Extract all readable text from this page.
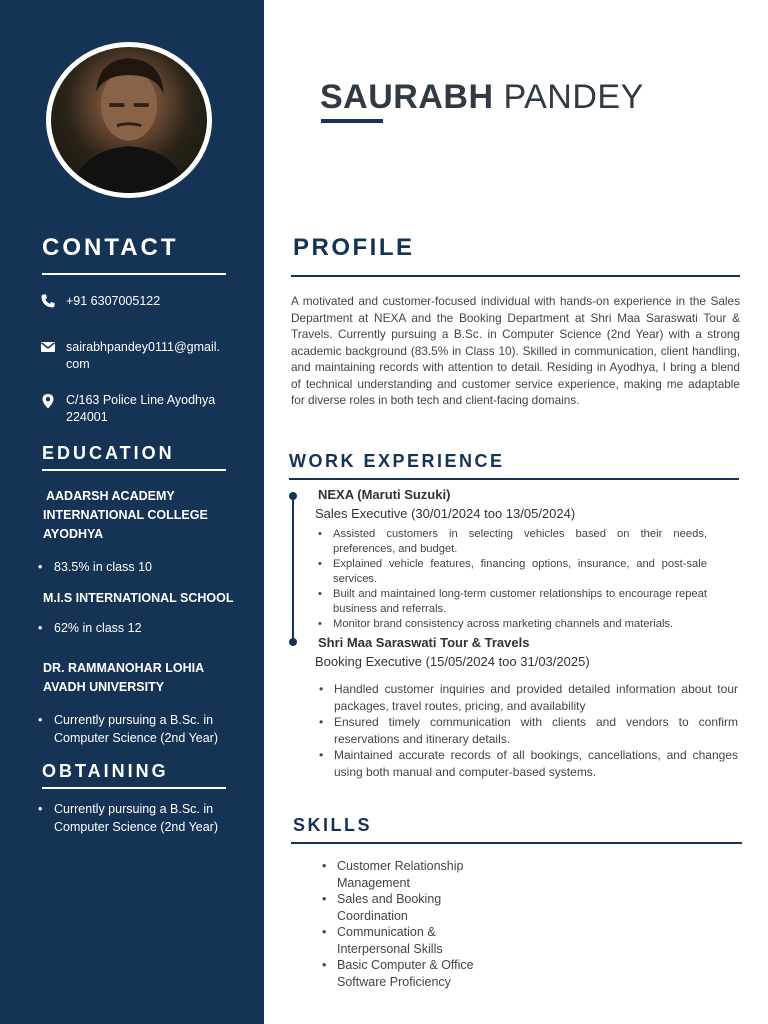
CONTACT
+91 6307005122
sairabhpandey0111@gmail.
com
C/163 Police Line Ayodhya
224001
EDUCATION
AADARSH ACADEMY
INTERNATIONAL COLLEGE
AYODHYA
• 83.5% in class 10
M.I.S INTERNATIONAL SCHOOL
• 62% in class 12
DR. RAMMANOHAR LOHIA
AVADH UNIVERSITY
• Currently pursuing a B.Sc. in Computer Science (2nd Year)
OBTAINING
• Currently pursuing a B.Sc. in Computer Science (2nd Year)
SAURABH PANDEY
PROFILE
A motivated and customer-focused individual with hands-on experience in the Sales Department at NEXA and the Booking Department at Shri Maa Saraswati Tour & Travels. Currently pursuing a B.Sc. in Computer Science (2nd Year) with a strong academic background (83.5% in Class 10). Skilled in communication, client handling, and maintaining records with attention to detail. Residing in Ayodhya, I bring a blend of technical understanding and customer service experience, making me adaptable for diverse roles in both tech and client-facing domains.
WORK EXPERIENCE
NEXA (Maruti Suzuki)
Sales Executive (30/01/2024 too 13/05/2024)
• Assisted customers in selecting vehicles based on their needs, preferences, and budget.
• Explained vehicle features, financing options, insurance, and post-sale services.
• Built and maintained long-term customer relationships to encourage repeat business and referrals.
• Monitor brand consistency across marketing channels and materials.
Shri Maa Saraswati Tour & Travels
Booking Executive (15/05/2024 too 31/03/2025)
• Handled customer inquiries and provided detailed information about tour packages, travel routes, pricing, and availability
• Ensured timely communication with clients and vendors to confirm reservations and itinerary details.
• Maintained accurate records of all bookings, cancellations, and changes using both manual and computer-based systems.
SKILLS
• Customer Relationship Management
• Sales and Booking Coordination
• Communication & Interpersonal Skills
• Basic Computer & Office Software Proficiency
